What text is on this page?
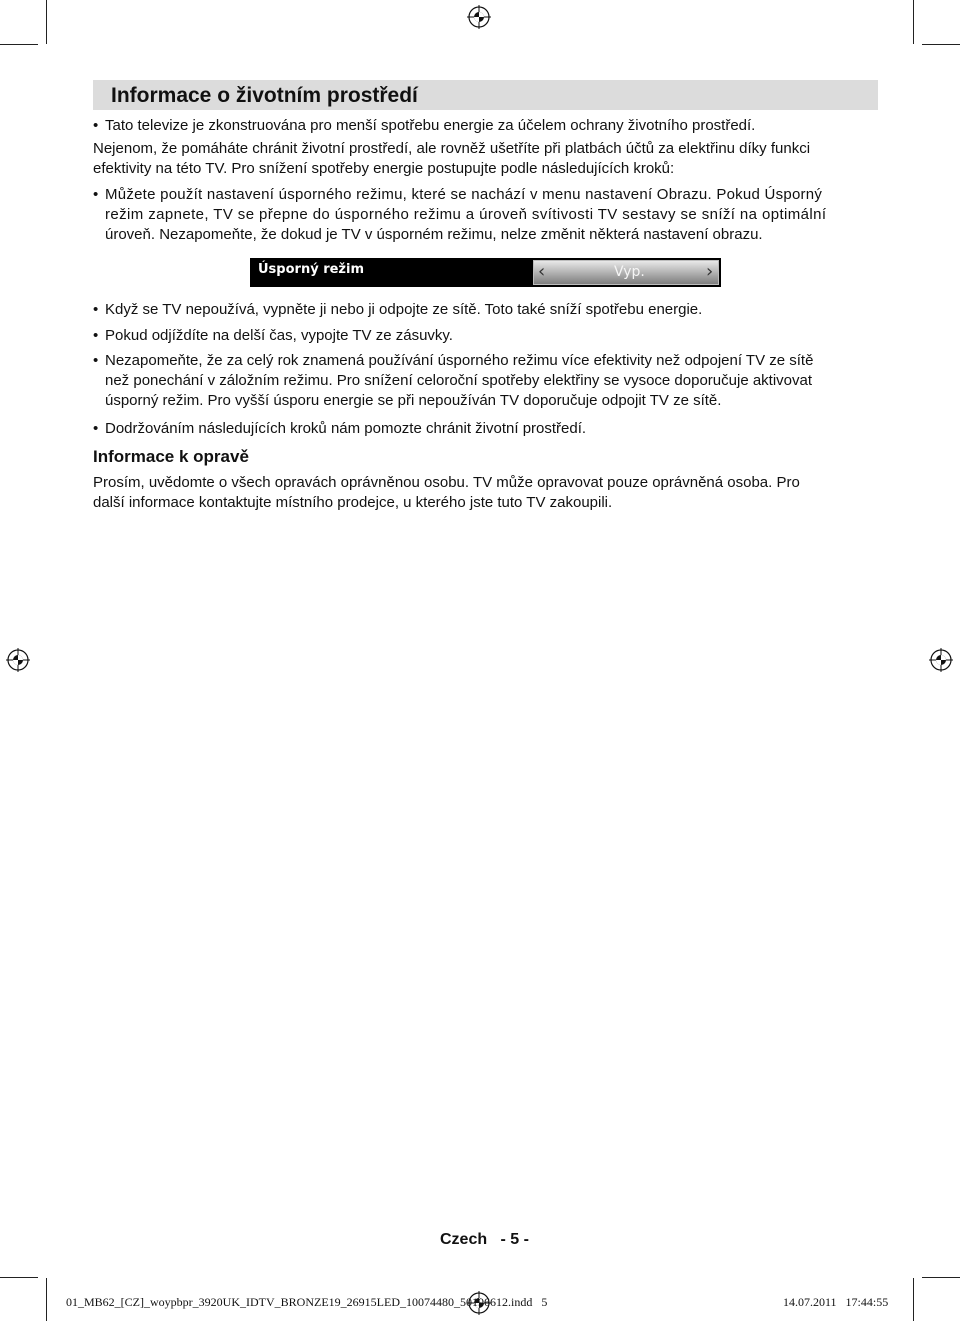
Informace o životním prostředí
• Tato televize je zkonstruována pro menší spotřebu energie za účelem ochrany životního prostředí.
Nejenom, že pomáháte chránit životní prostředí, ale rovněž ušetříte při platbách účtů za elektřinu díky funkci
efektivity na této TV. Pro snížení spotřeby energie postupujte podle následujících kroků:
• Můžete použít nastavení úsporného režimu, které se nachází v menu nastavení Obrazu. Pokud Úsporný
režim zapnete, TV se přepne do úsporného režimu a úroveň svítivosti TV sestavy se sníží na optimální
úroveň. Nezapomeňte, že dokud je TV v úsporném režimu, nelze změnit některá nastavení obrazu.
Úsporný režim	‹	Vyp.	›
• Když se TV nepoužívá, vypněte ji nebo ji odpojte ze sítě. Toto také sníží spotřebu energie.
• Pokud odjíždíte na delší čas, vypojte TV ze zásuvky.
• Nezapomeňte, že za celý rok znamená používání úsporného režimu více efektivity než odpojení TV ze sítě
než ponechání v záložním režimu. Pro snížení celoroční spotřeby elektřiny se vysoce doporučuje aktivovat
úsporný režim. Pro vyšší úsporu energie se při nepoužíván TV doporučuje odpojit TV ze sítě.
• Dodržováním následujících kroků nám pomozte chránit životní prostředí.
Informace k opravě
Prosím, uvědomte o všech opravách oprávněnou osobu. TV může opravovat pouze oprávněná osoba. Pro
další informace kontaktujte místního prodejce, u kterého jste tuto TV zakoupili.
Czech   - 5 -
01_MB62_[CZ]_woypbpr_3920UK_IDTV_BRONZE19_26915LED_10074480_50196612.indd   5	14.07.2011   17:44:55
